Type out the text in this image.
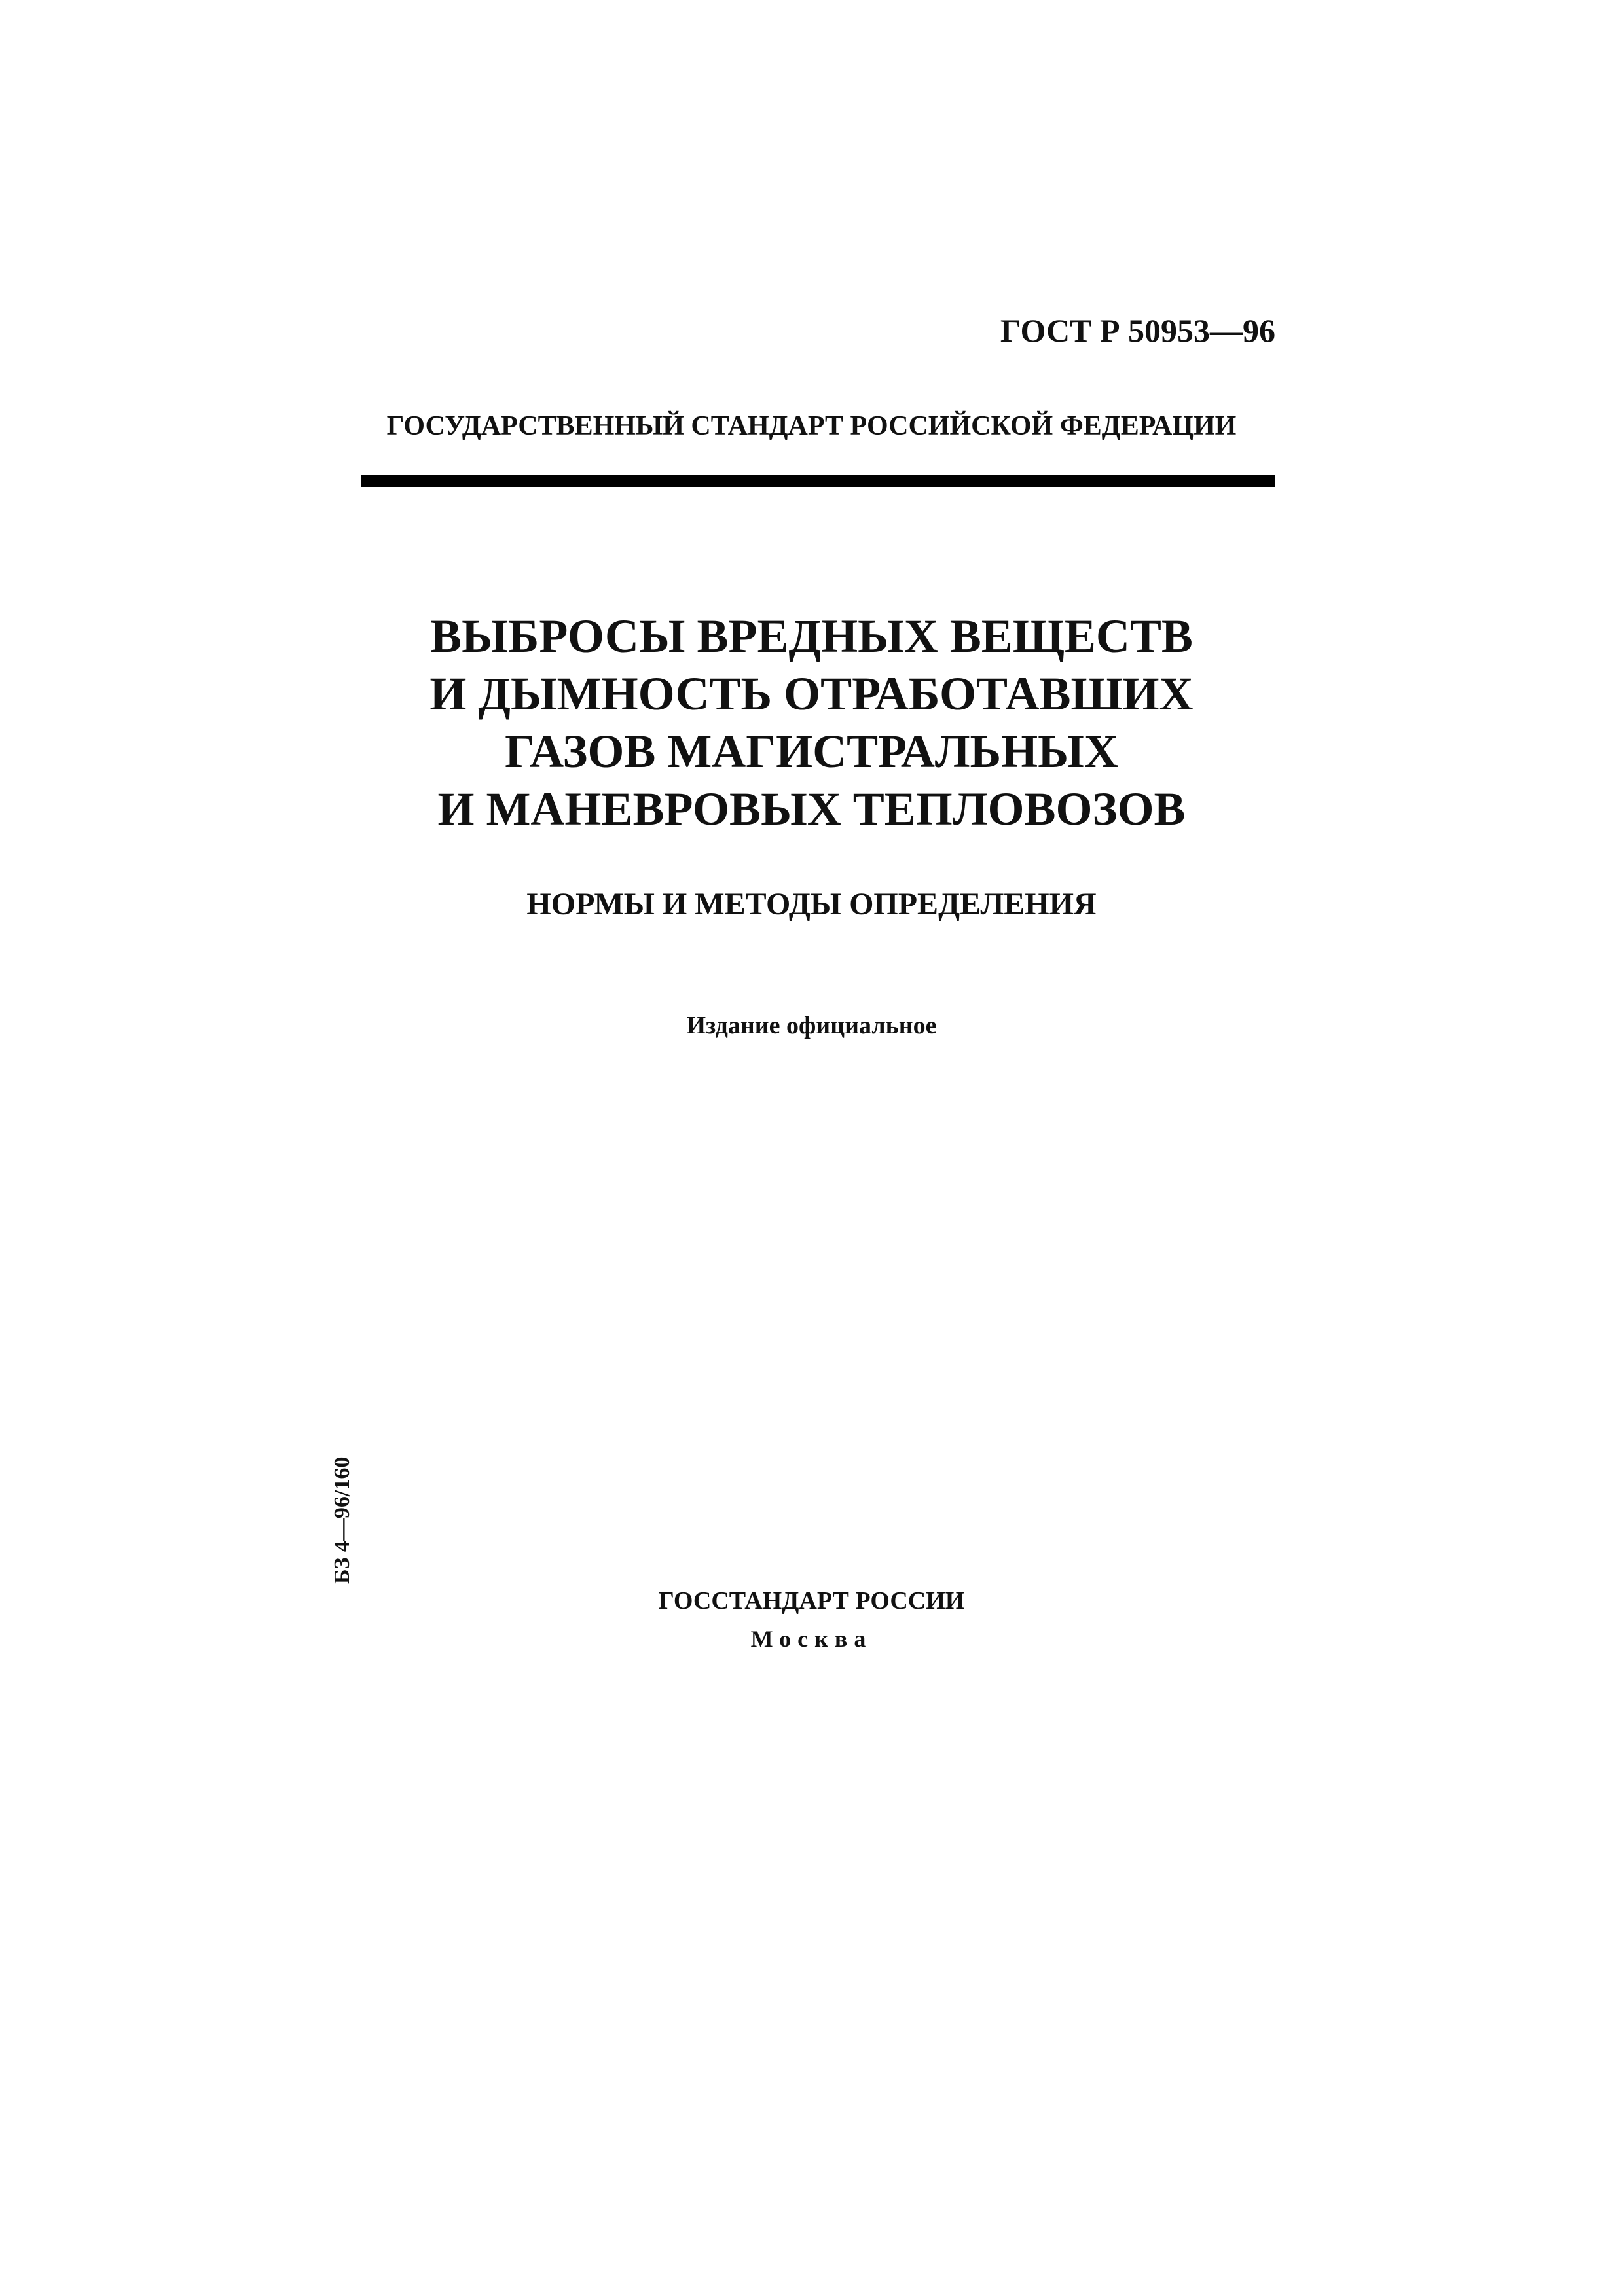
ГОСТ Р 50953—96
ГОСУДАРСТВЕННЫЙ СТАНДАРТ РОССИЙСКОЙ ФЕДЕРАЦИИ
ВЫБРОСЫ ВРЕДНЫХ ВЕЩЕСТВ
И ДЫМНОСТЬ ОТРАБОТАВШИХ
ГАЗОВ МАГИСТРАЛЬНЫХ
И МАНЕВРОВЫХ ТЕПЛОВОЗОВ
НОРМЫ И МЕТОДЫ ОПРЕДЕЛЕНИЯ
Издание официальное
БЗ 4—96/160
ГОССТАНДАРТ РОССИИ
Москва
